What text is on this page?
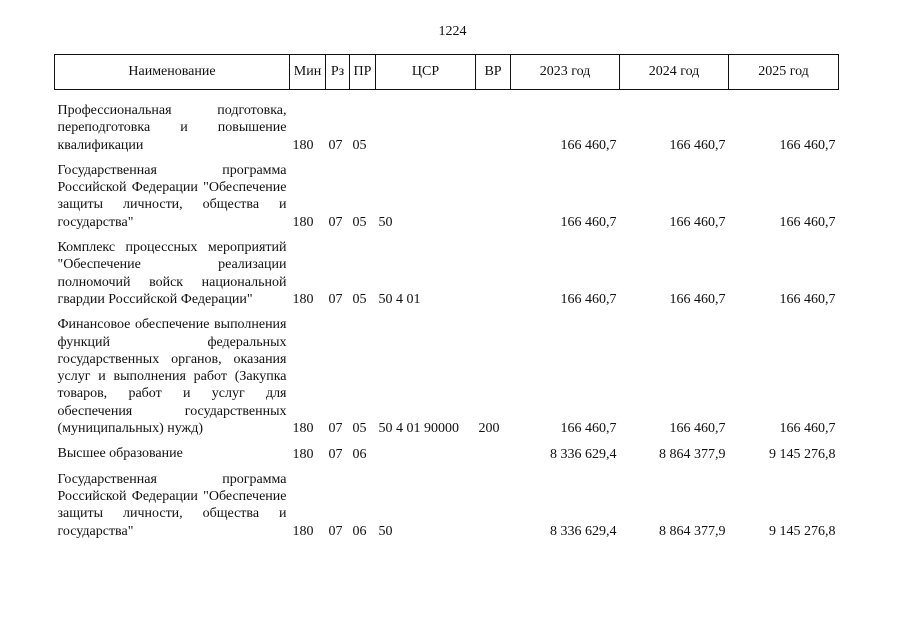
1224
Наименование	Мин	Рз	ПР	ЦСР	ВР	2023 год	2024 год	2025 год
Профессиональная подготовка, переподготовка и повышение квалификации	180	07	05			166 460,7	166 460,7	166 460,7
Государственная программа Российской Федерации "Обеспечение защиты личности, общества и государства"	180	07	05	50		166 460,7	166 460,7	166 460,7
Комплекс процессных мероприятий "Обеспечение реализации полномочий войск национальной гвардии Российской Федерации"	180	07	05	50 4 01		166 460,7	166 460,7	166 460,7
Финансовое обеспечение выполнения функций федеральных государственных органов, оказания услуг и выполнения работ (Закупка товаров, работ и услуг для обеспечения государственных (муниципальных) нужд)	180	07	05	50 4 01 90000	200	166 460,7	166 460,7	166 460,7
Высшее образование	180	07	06			8 336 629,4	8 864 377,9	9 145 276,8
Государственная программа Российской Федерации "Обеспечение защиты личности, общества и государства"	180	07	06	50		8 336 629,4	8 864 377,9	9 145 276,8
